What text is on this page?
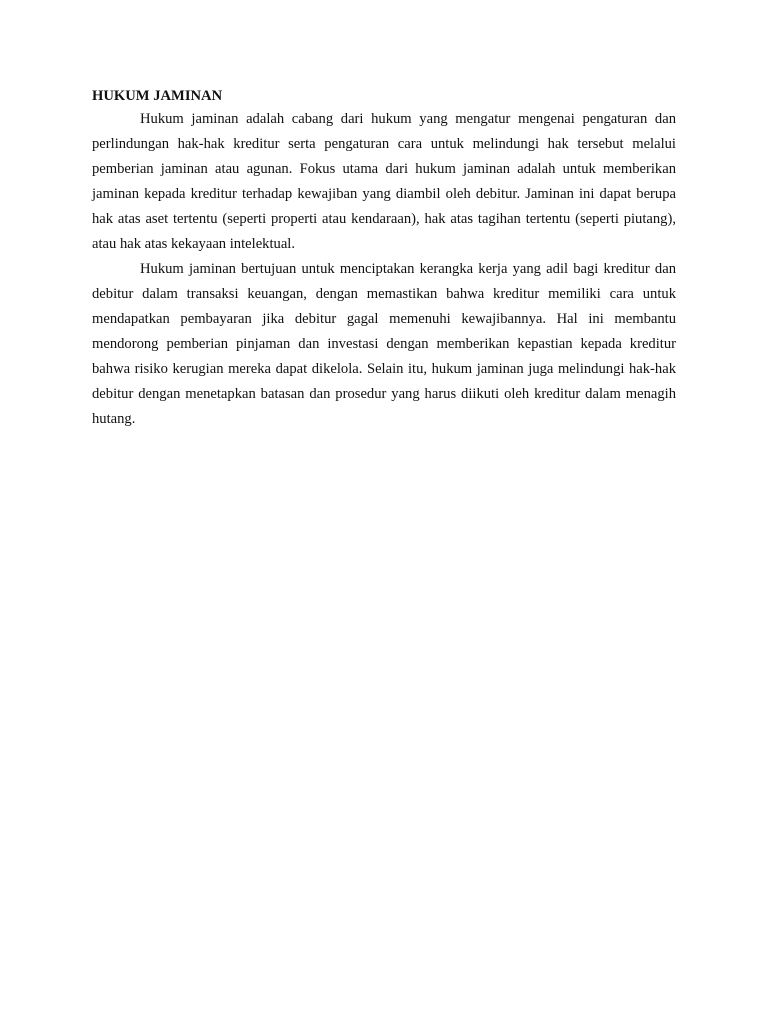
HUKUM JAMINAN

Hukum jaminan adalah cabang dari hukum yang mengatur mengenai pengaturan dan perlindungan hak-hak kreditur serta pengaturan cara untuk melindungi hak tersebut melalui pemberian jaminan atau agunan. Fokus utama dari hukum jaminan adalah untuk memberikan jaminan kepada kreditur terhadap kewajiban yang diambil oleh debitur. Jaminan ini dapat berupa hak atas aset tertentu (seperti properti atau kendaraan), hak atas tagihan tertentu (seperti piutang), atau hak atas kekayaan intelektual.

Hukum jaminan bertujuan untuk menciptakan kerangka kerja yang adil bagi kreditur dan debitur dalam transaksi keuangan, dengan memastikan bahwa kreditur memiliki cara untuk mendapatkan pembayaran jika debitur gagal memenuhi kewajibannya. Hal ini membantu mendorong pemberian pinjaman dan investasi dengan memberikan kepastian kepada kreditur bahwa risiko kerugian mereka dapat dikelola. Selain itu, hukum jaminan juga melindungi hak-hak debitur dengan menetapkan batasan dan prosedur yang harus diikuti oleh kreditur dalam menagih hutang.
